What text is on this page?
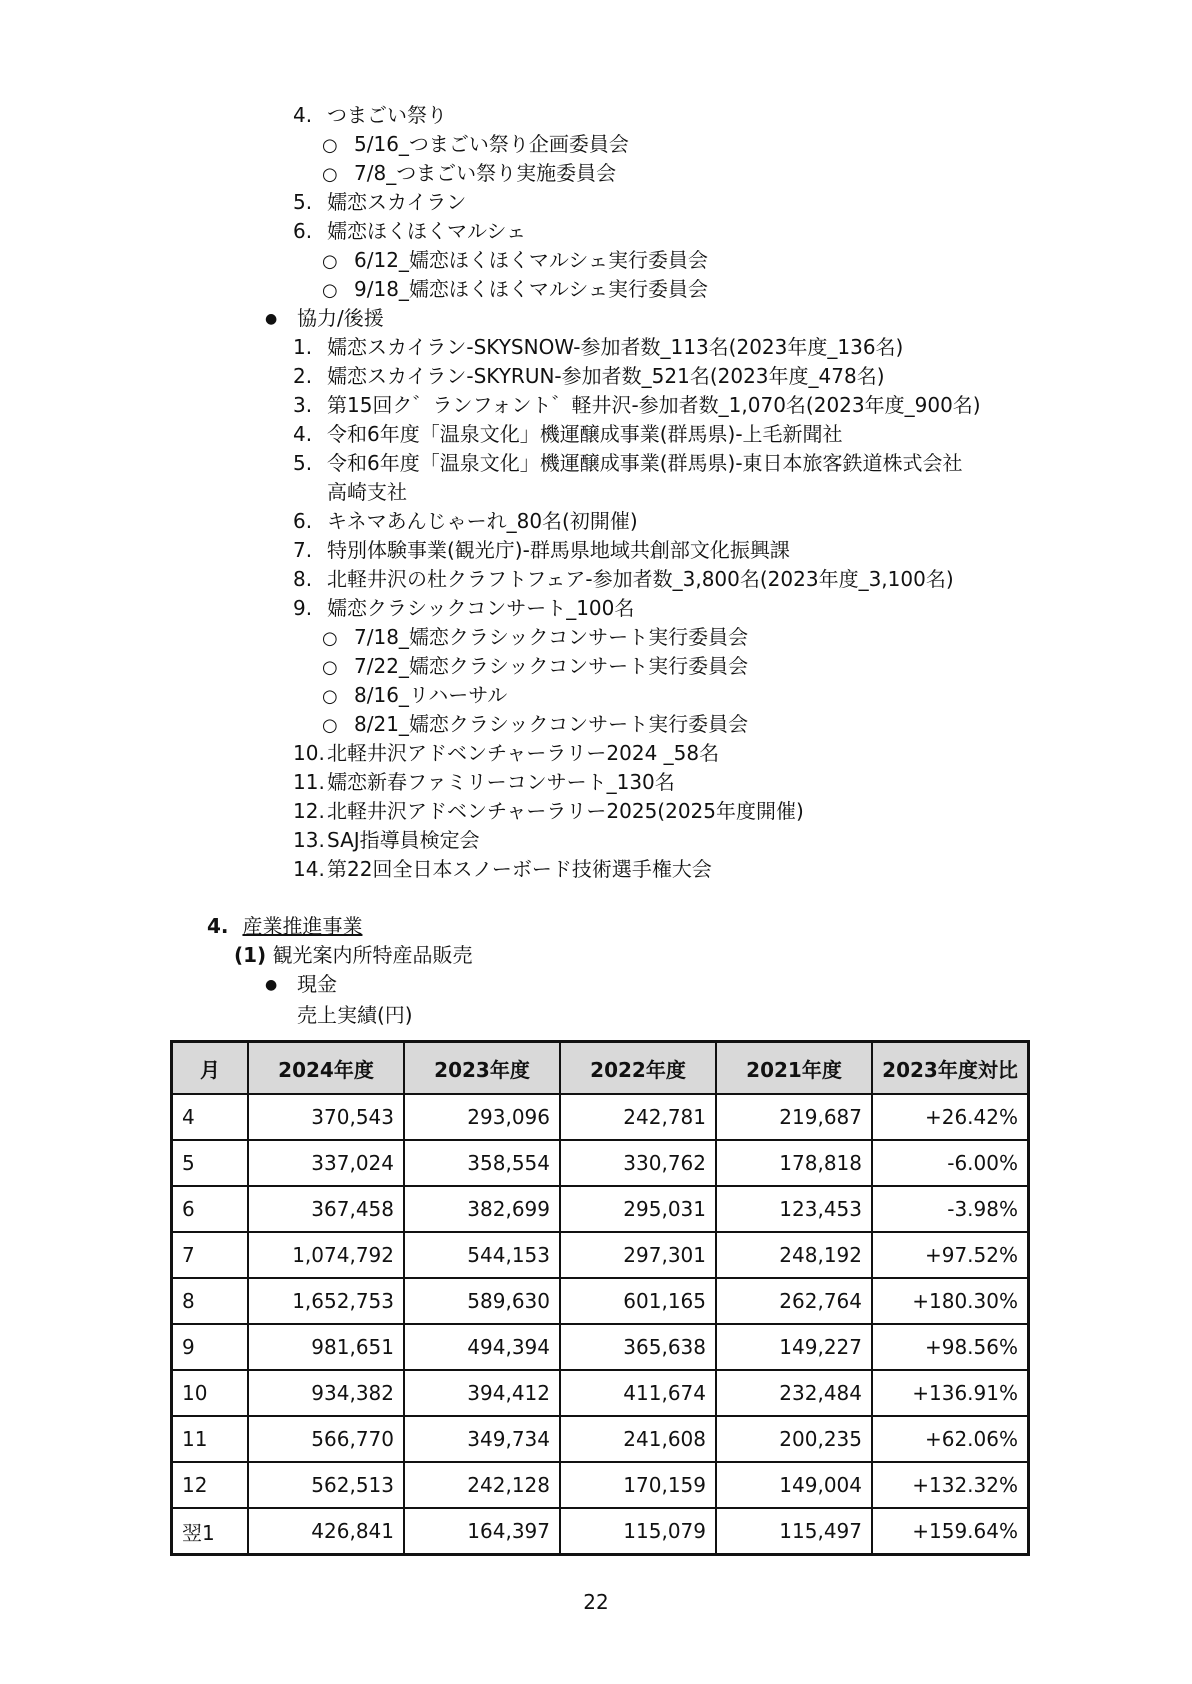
4. つまごい祭り
○ 5/16_つまごい祭り企画委員会
○ 7/8_つまごい祭り実施委員会
5. 嬬恋スカイラン
6. 嬬恋ほくほくマルシェ
○ 6/12_嬬恋ほくほくマルシェ実行委員会
○ 9/18_嬬恋ほくほくマルシェ実行委員会
● 協力/後援
1. 嬬恋スカイラン-SKYSNOW-参加者数_113名(2023年度_136名)
2. 嬬恋スカイラン-SKYRUN-参加者数_521名(2023年度_478名)
3. 第15回ク゛ランフォント゛軽井沢-参加者数_1,070名(2023年度_900名)
4. 令和6年度「温泉文化」機運醸成事業(群馬県)-上毛新聞社
5. 令和6年度「温泉文化」機運醸成事業(群馬県)-東日本旅客鉄道株式会社
高崎支社
6. キネマあんじゃーれ_80名(初開催)
7. 特別体験事業(観光庁)-群馬県地域共創部文化振興課
8. 北軽井沢の杜クラフトフェア-参加者数_3,800名(2023年度_3,100名)
9. 嬬恋クラシックコンサート_100名
○ 7/18_嬬恋クラシックコンサート実行委員会
○ 7/22_嬬恋クラシックコンサート実行委員会
○ 8/16_リハーサル
○ 8/21_嬬恋クラシックコンサート実行委員会
10. 北軽井沢アドベンチャーラリー2024 _58名
11. 嬬恋新春ファミリーコンサート_130名
12. 北軽井沢アドベンチャーラリー2025(2025年度開催)
13. SAJ指導員検定会
14. 第22回全日本スノーボード技術選手権大会
4. 産業推進事業
(1) 観光案内所特産品販売
● 現金
売上実績(円)
月	2024年度	2023年度	2022年度	2021年度	2023年度対比
4	370,543	293,096	242,781	219,687	+26.42%
5	337,024	358,554	330,762	178,818	-6.00%
6	367,458	382,699	295,031	123,453	-3.98%
7	1,074,792	544,153	297,301	248,192	+97.52%
8	1,652,753	589,630	601,165	262,764	+180.30%
9	981,651	494,394	365,638	149,227	+98.56%
10	934,382	394,412	411,674	232,484	+136.91%
11	566,770	349,734	241,608	200,235	+62.06%
12	562,513	242,128	170,159	149,004	+132.32%
翌1	426,841	164,397	115,079	115,497	+159.64%
22
